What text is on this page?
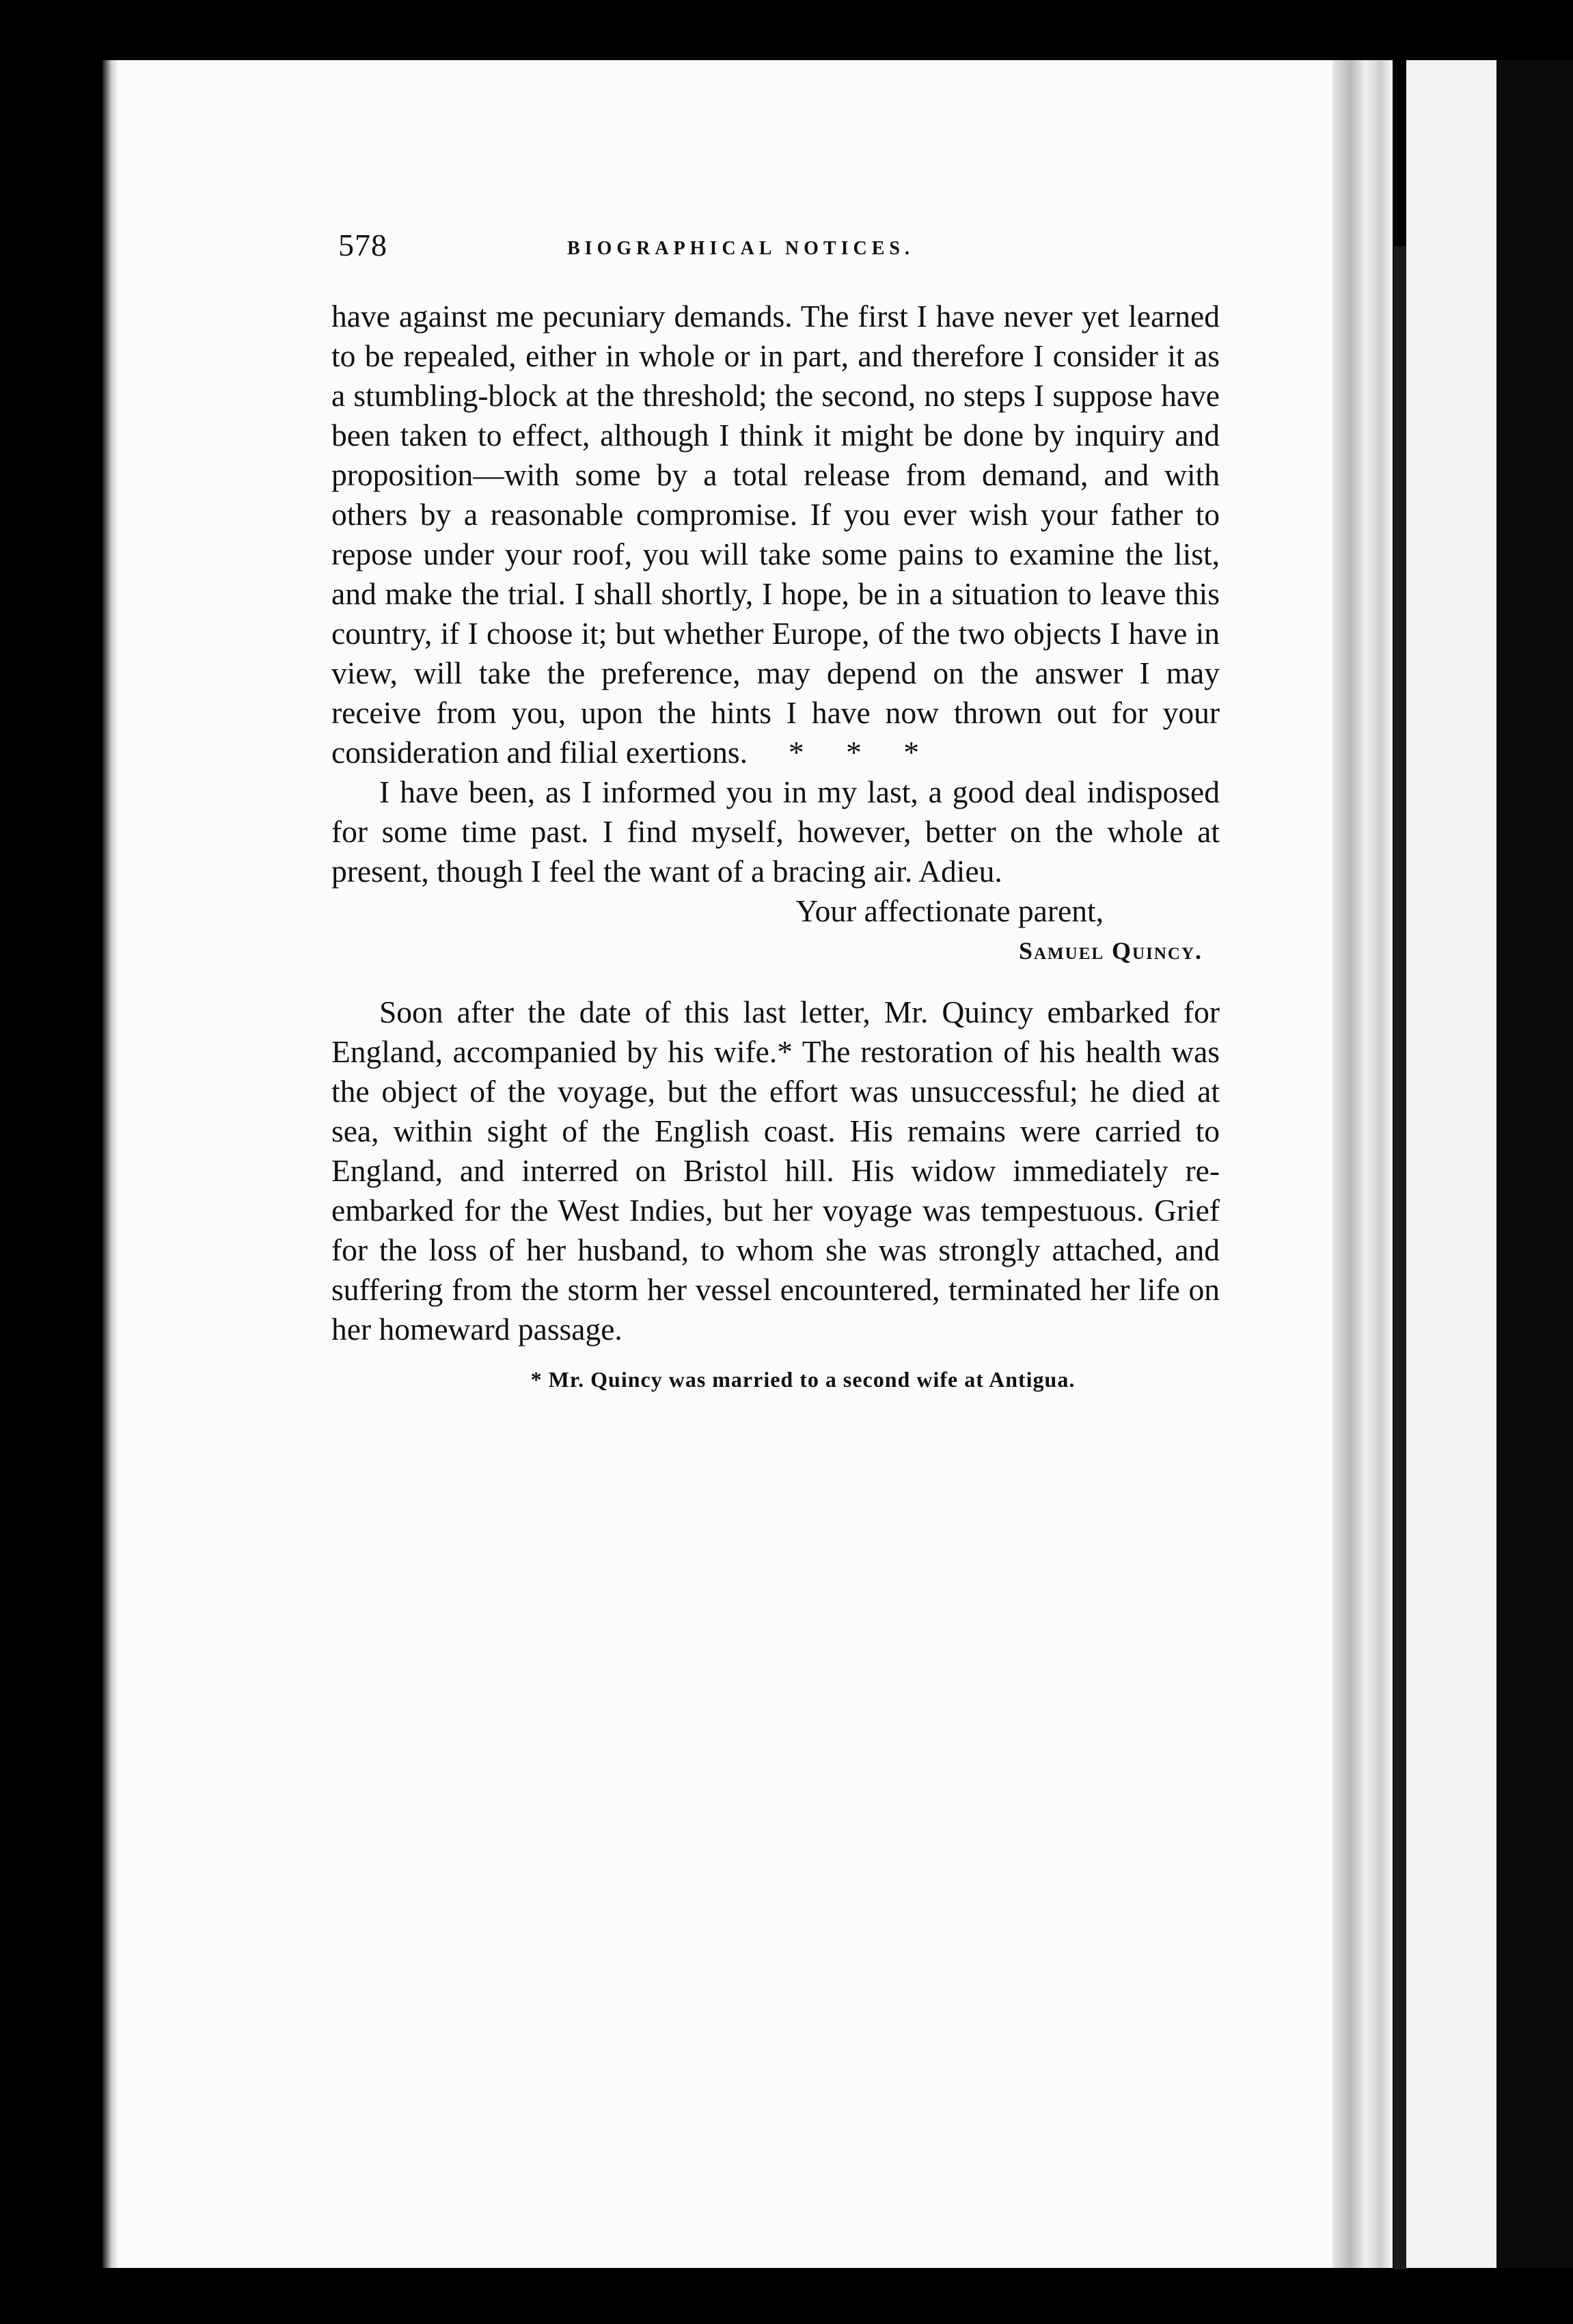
578	BIOGRAPHICAL NOTICES.

have against me pecuniary demands. The first I have never yet learned to be repealed, either in whole or in part, and therefore I consider it as a stumbling-block at the threshold; the second, no steps I suppose have been taken to effect, although I think it might be done by inquiry and proposition—with some by a total release from demand, and with others by a reasonable compromise. If you ever wish your father to repose under your roof, you will take some pains to examine the list, and make the trial. I shall shortly, I hope, be in a situation to leave this country, if I choose it; but whether Europe, of the two objects I have in view, will take the preference, may depend on the answer I may receive from you, upon the hints I have now thrown out for your consideration and filial exertions. * * *

I have been, as I informed you in my last, a good deal indisposed for some time past. I find myself, however, better on the whole at present, though I feel the want of a bracing air. Adieu.

Your affectionate parent,

Samuel Quincy.

Soon after the date of this last letter, Mr. Quincy embarked for England, accompanied by his wife.* The restoration of his health was the object of the voyage, but the effort was unsuccessful; he died at sea, within sight of the English coast. His remains were carried to England, and interred on Bristol hill. His widow immediately re-embarked for the West Indies, but her voyage was tempestuous. Grief for the loss of her husband, to whom she was strongly attached, and suffering from the storm her vessel encountered, terminated her life on her homeward passage.

* Mr. Quincy was married to a second wife at Antigua.
